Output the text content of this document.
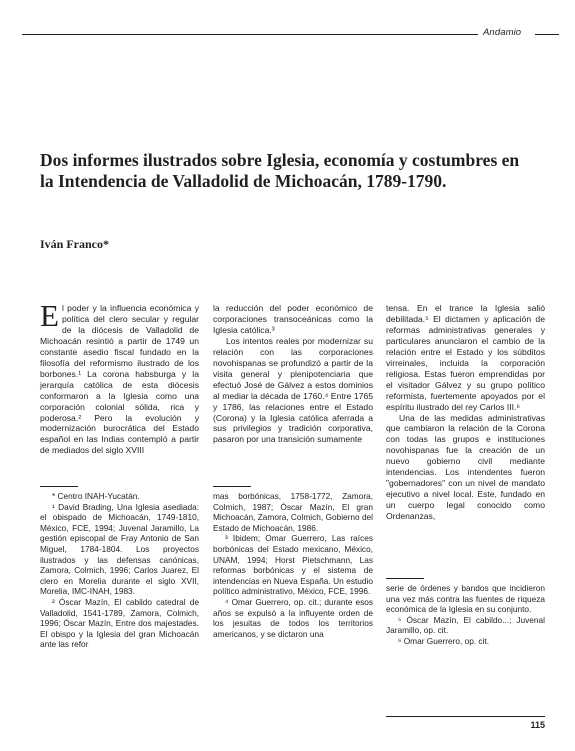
Andamio
Dos informes ilustrados sobre Iglesia, economía y costumbres en la Intendencia de Valladolid de Michoacán, 1789-1790.
Iván Franco*
E l poder y la influencia económica y política del clero secular y regular de la diócesis de Valladolid de Michoacán resintió a partir de 1749 un constante asedio fiscal fundado en la filosofía del reformismo ilustrado de los borbones.¹ La corona habsburga y la jerarquía católica de esta diócesis conformaron a la Iglesia como una corporación colonial sólida, rica y poderosa.² Pero la evolución y modernización burocrática del Estado español en las Indias contempló a partir de mediados del siglo XVIII

la reducción del poder económico de corporaciones transoceánicas como la Iglesia católica.³

Los intentos reales por modernizar su relación con las corporaciones novohispanas se profundizó a partir de la visita general y plenipotenciaria que efectuó José de Gálvez a estos dominios al mediar la década de 1760.⁴ Entre 1765 y 1786, las relaciones entre el Estado (Corona) y la Iglesia católica aferrada a sus privilegios y tradición corporativa, pasaron por una transición sumamente

tensa. En el trance la Iglesia salió debilitada.⁵ El dictamen y aplicación de reformas administrativas generales y particulares anunciaron el cambio de la relación entre el Estado y los súbditos virreinales, incluida la corporación religiosa. Estas fueron emprendidas por el visitador Gálvez y su grupo político reformista, fuertemente apoyados por el espíritu ilustrado del rey Carlos III.⁶

Una de las medidas administrativas que cambiaron la relación de la Corona con todas las grupos e instituciones novohispanas fue la creación de un nuevo gobierno civil mediante intendencias. Los intendentes fueron "gobernadores" con un nivel de mandato ejecutivo a nivel local. Este, fundado en un cuerpo legal conocido como Ordenanzas,

* Centro INAH-Yucatán.

¹ David Brading, Una Iglesia asediada: el obispado de Michoacán, 1749-1810, México, FCE, 1994; Juvenal Jaramillo, La gestión episcopal de Fray Antonio de San Miguel, 1784-1804. Los proyectos ilustrados y las defensas canónicas, Zamora, Colmich, 1996; Carlos Juarez, El clero en Morelia durante el siglo XVII, Morelia, IMC-INAH, 1983.

² Óscar Mazín, El cabildo catedral de Valladolid, 1541-1789, Zamora, Colmich, 1996; Óscar Mazín, Entre dos majestades. El obispo y la Iglesia del gran Michoacán ante las refor

mas borbónicas, 1758-1772, Zamora, Colmich, 1987; Óscar Mazín, El gran Michoacán, Zamora, Colmich, Gobierno del Estado de Michoacán, 1986.

³ Ibidem; Omar Guerrero, Las raíces borbónicas del Estado mexicano, México, UNAM, 1994; Horst Pietschmann, Las reformas borbónicas y el sistema de intendencias en Nueva España. Un estudio político administrativo, México, FCE, 1996.

⁴ Omar Guerrero, op. cit.; durante esos años se expulsó a la influyente orden de los jesuitas de todos los territorios americanos, y se dictaron una

serie de órdenes y bandos que incidieron una vez más contra las fuentes de riqueza económica de la Iglesia en su conjunto.

⁵ Óscar Mazín, El cabildo...; Juvenal Jaramillo, op. cit.

⁶ Omar Guerrero, op. cit.

115
